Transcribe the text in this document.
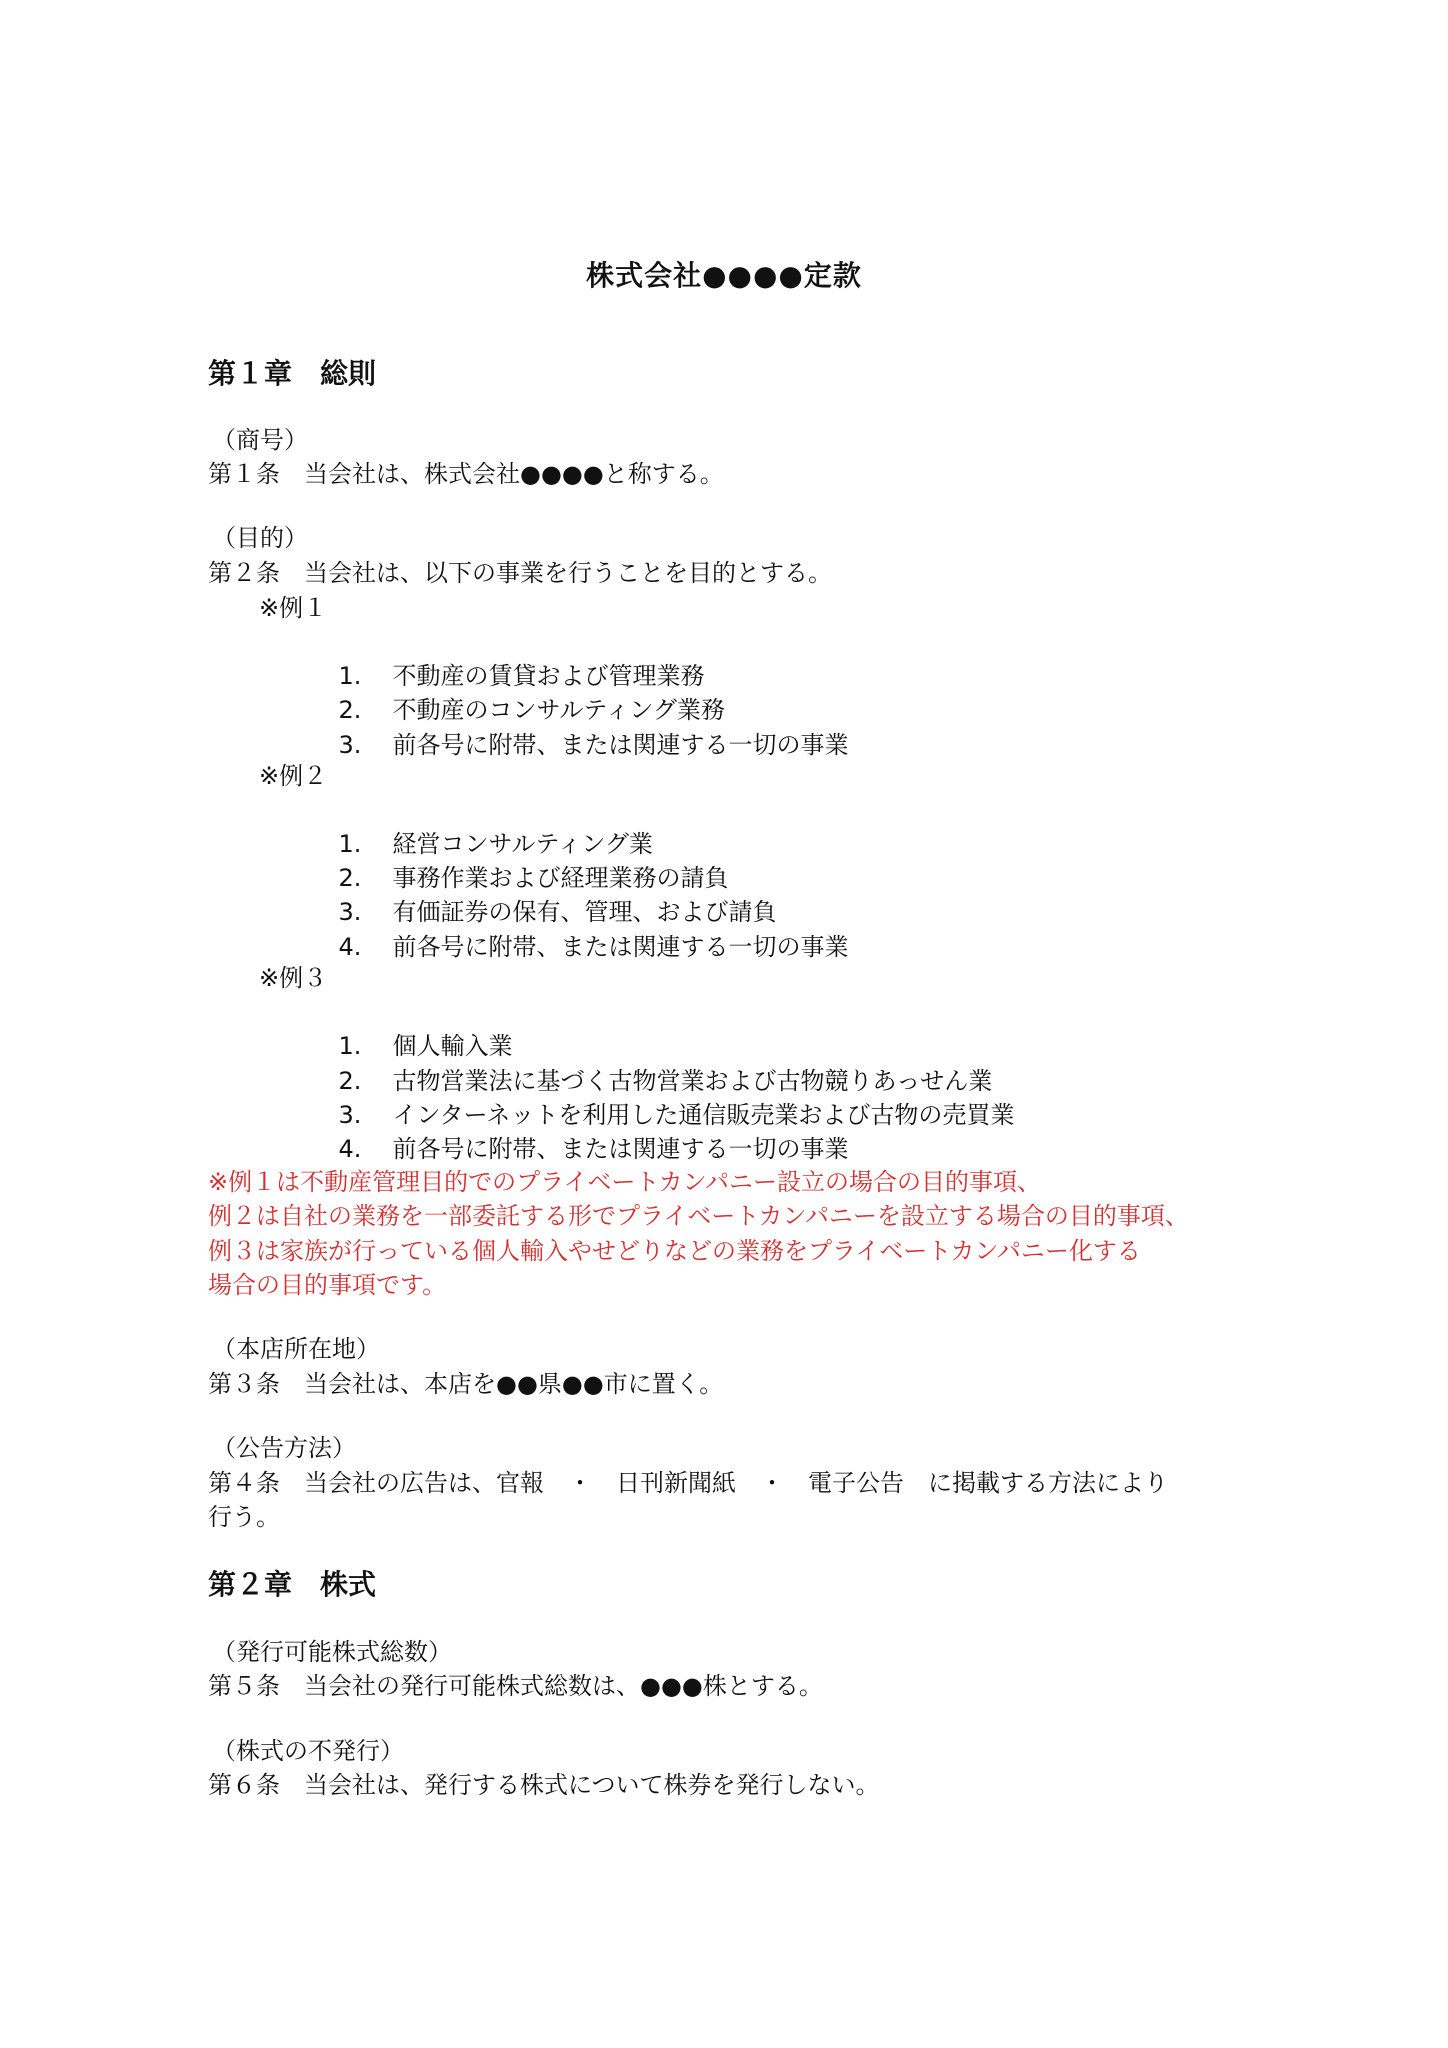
株式会社●●●●定款
第１章　総則
（商号）
第１条　当会社は、株式会社●●●●と称する。
（目的）
第２条　当会社は、以下の事業を行うことを目的とする。
※例１

1. 不動産の賃貸および管理業務

2. 不動産のコンサルティング業務

3. 前各号に附帯、または関連する一切の事業

※例２

1. 経営コンサルティング業

2. 事務作業および経理業務の請負

3. 有価証券の保有、管理、および請負

4. 前各号に附帯、または関連する一切の事業

※例３

1. 個人輸入業

2. 古物営業法に基づく古物営業および古物競りあっせん業

3. インターネットを利用した通信販売業および古物の売買業

4. 前各号に附帯、または関連する一切の事業

※例１は不動産管理目的でのプライベートカンパニー設立の場合の目的事項、
例２は自社の業務を一部委託する形でプライベートカンパニーを設立する場合の目的事項、
例３は家族が行っている個人輸入やせどりなどの業務をプライベートカンパニー化する
場合の目的事項です。
（本店所在地）
第３条　当会社は、本店を●●県●●市に置く。
（公告方法）
第４条　当会社の広告は、官報　・　日刊新聞紙　・　電子公告　に掲載する方法により
行う。
第２章　株式
（発行可能株式総数）
第５条　当会社の発行可能株式総数は、●●●株とする。
（株式の不発行）
第６条　当会社は、発行する株式について株券を発行しない。
